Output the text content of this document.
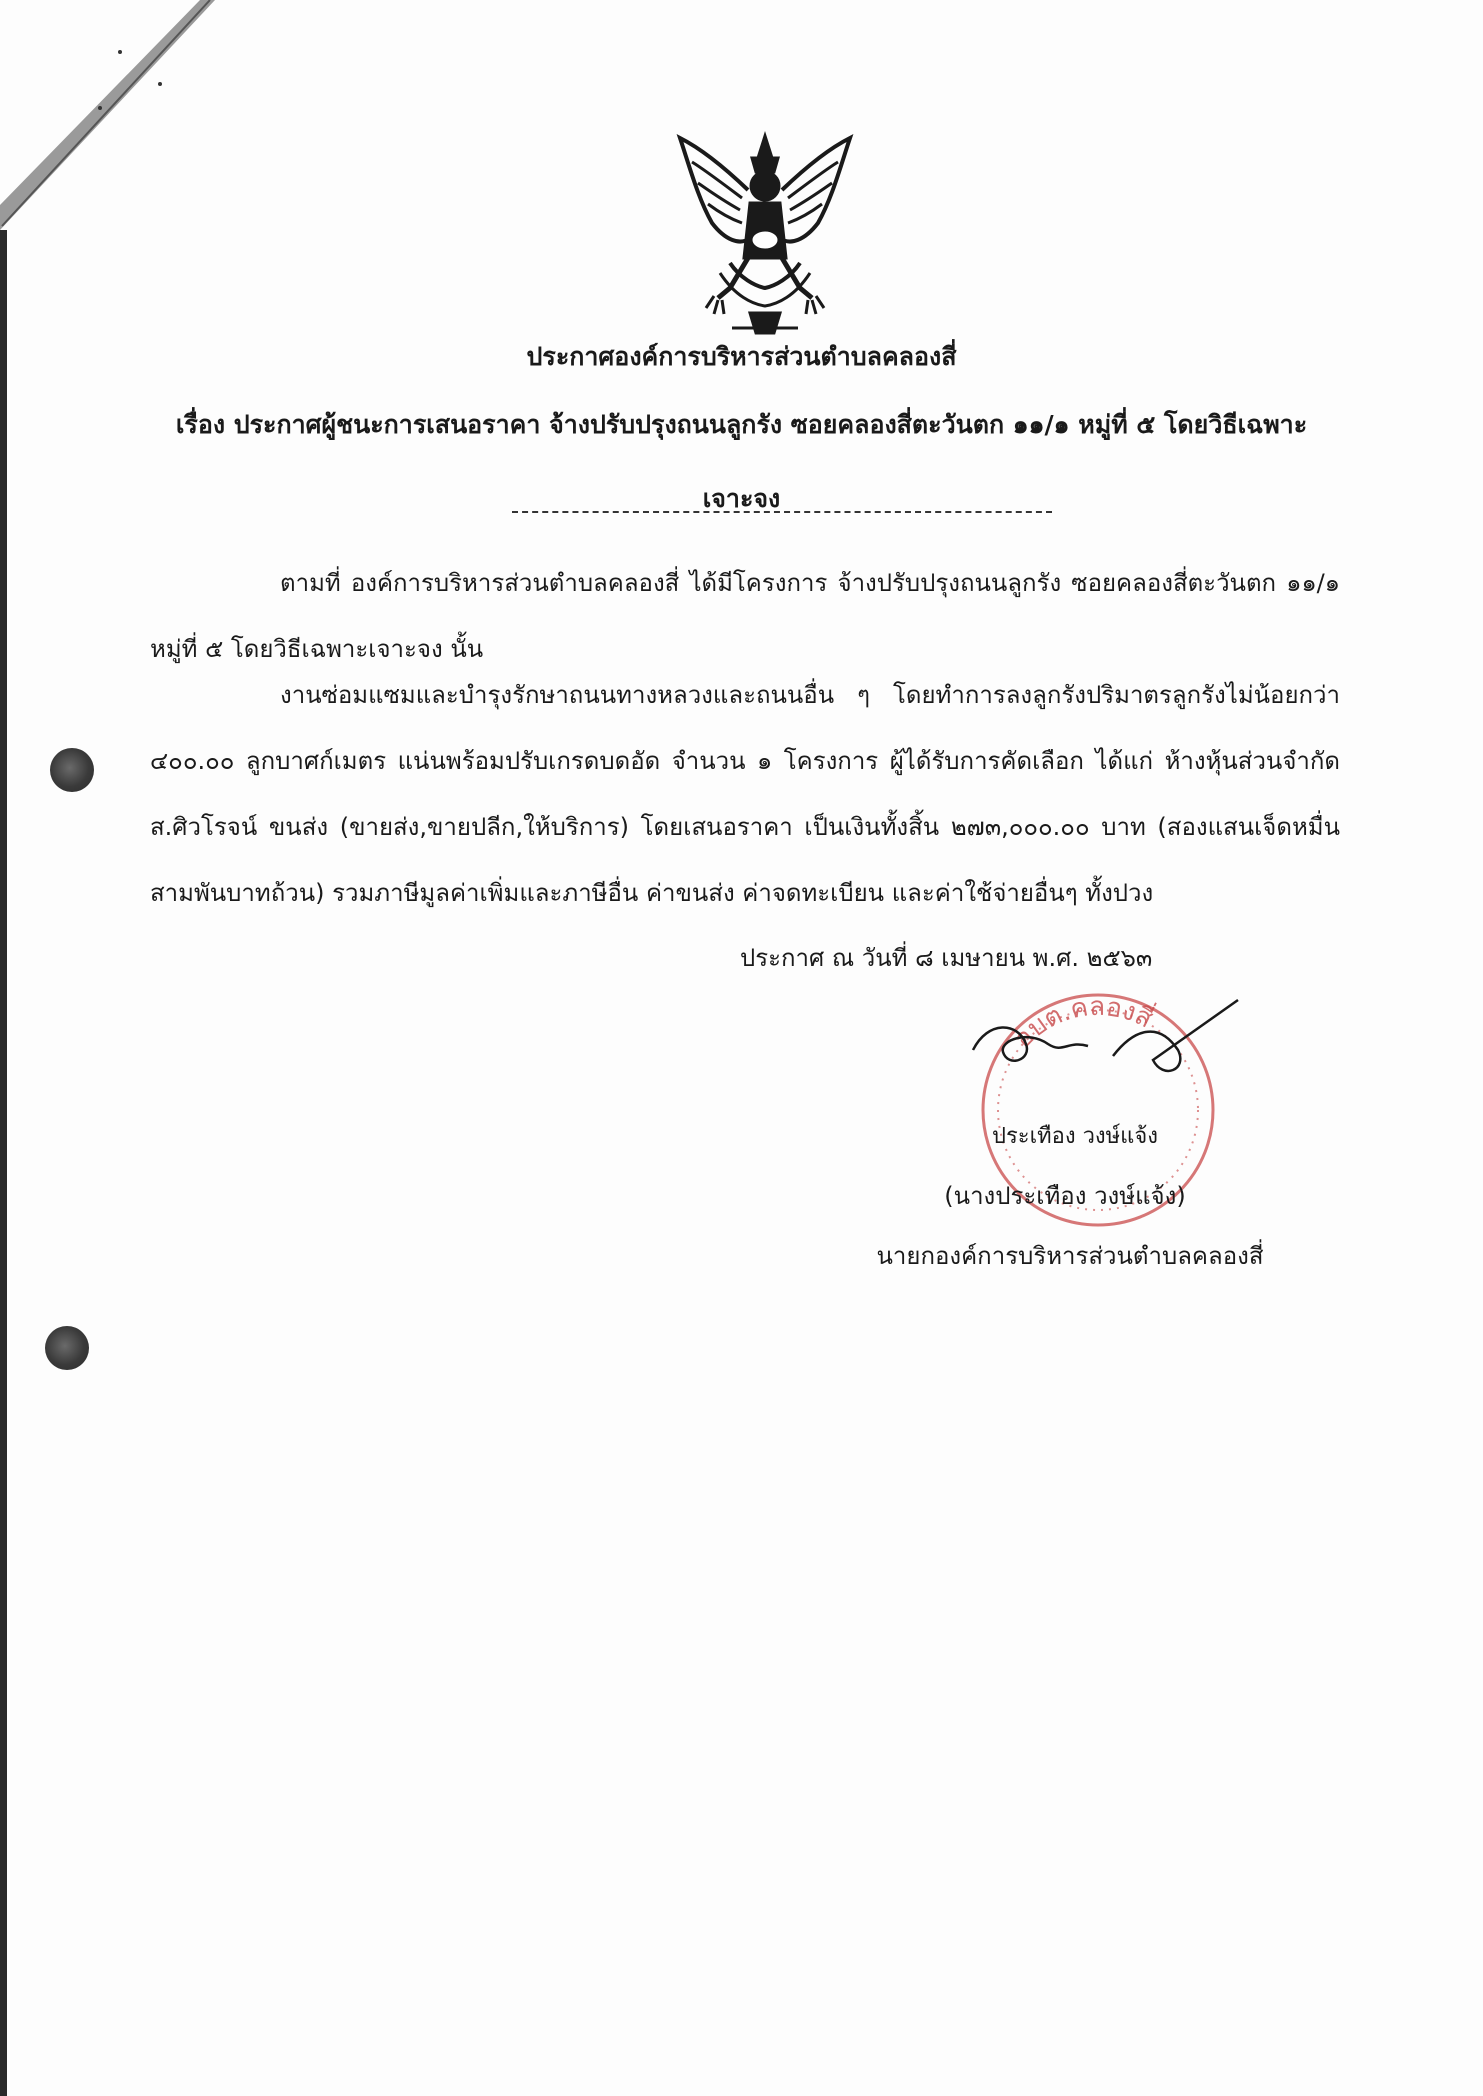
ประกาศองค์การบริหารส่วนตำบลคลองสี่
เรื่อง ประกาศผู้ชนะการเสนอราคา จ้างปรับปรุงถนนลูกรัง ซอยคลองสี่ตะวันตก ๑๑/๑ หมู่ที่ ๕ โดยวิธีเฉพาะ
เจาะจง
ตามที่ องค์การบริหารส่วนตำบลคลองสี่ ได้มีโครงการ จ้างปรับปรุงถนนลูกรัง ซอยคลองสี่ตะวันตก ๑๑/๑ หมู่ที่ ๕ โดยวิธีเฉพาะเจาะจง นั้น
งานซ่อมแซมและบำรุงรักษาถนนทางหลวงและถนนอื่น ๆ โดยทำการลงลูกรังปริมาตรลูกรังไม่น้อยกว่า ๔๐๐.๐๐ ลูกบาศก์เมตร แน่นพร้อมปรับเกรดบดอัด จำนวน ๑ โครงการ ผู้ได้รับการคัดเลือก ได้แก่ ห้างหุ้นส่วนจำกัด ส.ศิวโรจน์ ขนส่ง (ขายส่ง,ขายปลีก,ให้บริการ) โดยเสนอราคา เป็นเงินทั้งสิ้น ๒๗๓,๐๐๐.๐๐ บาท (สองแสนเจ็ดหมื่นสามพันบาทถ้วน) รวมภาษีมูลค่าเพิ่มและภาษีอื่น ค่าขนส่ง ค่าจดทะเบียน และค่าใช้จ่ายอื่นๆ ทั้งปวง
ประกาศ ณ วันที่ ๘ เมษายน พ.ศ. ๒๕๖๓
อบต.คลองสี่
ประเทือง วงษ์แจ้ง
(นางประเทือง วงษ์แจ้ง)
นายกองค์การบริหารส่วนตำบลคลองสี่
